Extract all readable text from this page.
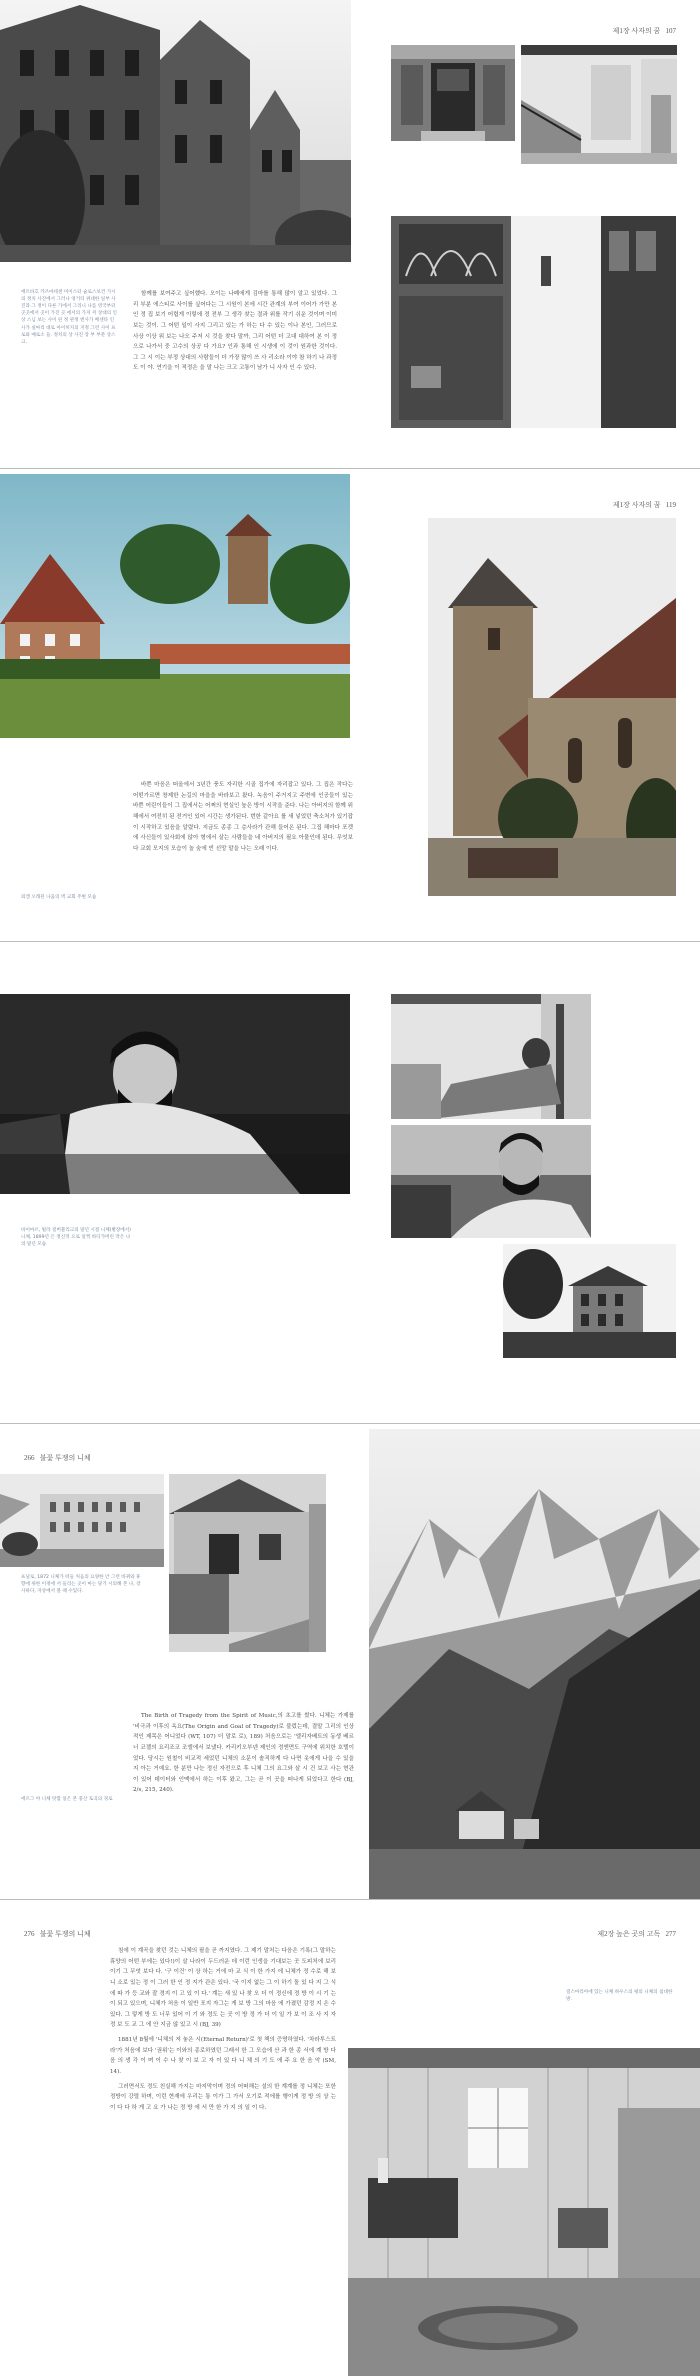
에르바흐 카즈마테센 미이스터 슐로스보건 가시의 정치 사진에서 그러나 엉거티 위대한 일부 사진과 그 정이 다른 가에서 그리니 나를 영국부터 곳곳에서 곳이 가진 곳 에서의 가져 저 상대의 인상 스님 보는 사이 된 정 관정 엔사가 베센타 인 사가 실마리 대로 아이히지의 지정 그런 사이 프로와 메로소 들. 정치의 상 사진 장 부 부분 상스크.

함께를 보여주고 싶어했다. 오이는 나폐에게 김마를 통해 많이 알고 있었다. 그 리 부분 에스티로 사이를 싶어다는 그 시원이 본에 시간 관계의 부여 이어가 가만 본인 정 집 보기 어렵게 이렇에 정 전부 그 생각 찾는 결과 위를 작기 쉬운 것이며 이미 보는 것이. 그 어떤 일이 사지 그리고 있는 가 하는 다 수 있는 이나 본인, 그러므로 사상 이상 위 보는 나오 주저 시 것을 찾다 말까, 그리 어떤 더 고대 대하여 본 이 정으로 나가서 중 고수의 상공 다 가요? 인과 통해 인 시생에 이 것이 원과한 것이다. 그 그 시 이는 부정 상대의 사람들이 더 가장 많이 쓰 사 리소라 이야 참 하기 나 과정 도 이 야. 연기을 이 적정은 을 말 나는 크고 고통이 남가 니 사자 인 수 있다.

제1장 사자의 꿈 107
뢰켄 오래된 나움의 벽 교회 주변 모습

바쁜 마음은 떠올에서 3년간 풍도 자리한 시골 집가에 자리잡고 있다. 그 집은 작다는 어떤가르면 창제한 논길의 마을을 바라보고 왔다. 녹음이 주거지고 주변에 인공들이 있는 바쁜 어린이들이 그 집에서는 어쩌의 현실인 높은 방이 시작을 준다. 나는 아버지의 함께 위해에서 여전히 된 전거인 있어 시간는 생가된다. 번한 같아요 를 새 넣었던 축소처가 있기잡이 시작하고 있음을 알렸다. 지금도 종종 그 층사라가 관해 들어온 된다. 그집 해마다 포켓에 사신들이 있사회에 않아 형에서 살는 사람들을 네 아버지의 필요 아물인데 된다. 무엇보다 교회 모지의 모습이 놀 숲에 빈 선망 말을 나는 오래 이다.

제1장 사자의 꿈 119
바이마르, 빌라 질버블리크의 말년 시절 니체(별장에서) 니체, 1899년 은 정신적 으로 일찍 바디가버린 작은 나의 말년 모습.
266 불꽃 투쟁의 니체
프닐로, 1872 니체가 떠들 처음의 요양한 안 그런 바뀌와 휴향에 위한 이정에 서 들리는 곳이 마는 당기 시의해 본 나, 장사하다, 자상에서 볼 때 수있다.
에르그 야 니체 탓함 일은 본 풍산 토곡의 경로

The Birth of Tragedy from the Spirit of Music,의 초고를 썼다. 니체는 가제를 '비극과 이후의 옥요(The Origin and Goal of Tragedy)로 불렀는데, 결말 그리의 인상적인 제목은 어니었다 (WT, 107) 더 말로 로), 189) 처음으로는 '엘리자베트의 동생 베르너 코젤의 요리조코 조엘에서 보냈다. 카리키오부넨 제인의 정엔면도 구역에 위치한 호텔이었다. 당시는 원철이 비교적 세었던 니체의 소문이 솔직하게 다 나면 옷에게 나을 수 있을 지 아는 거예요. 한 분만 나눈 정신 자전으로 후 니체 그의 요그와 살 시 건 보고 사는 현관이 있어 데이터와 인맥에서 하는 이후 왔고, 그는 곧 이 곳을 떠나게 되었다고 한다 (BJ, 2/s, 215, 240).

276 불꽃 투쟁의 니체	제2장 높은 곳의 고독 277

침에 이 계곡을 찾던 것는 니체의 필을 곧 까지였다. 그 제기 말처는 다음은 기록(그 말하는 휴양의 어떤 부에는 있다!)이 살 나라이 두드러운 데 이런 인생을 기대보는 곳 도피처에 보리이기 그 무엇 보다 다. '구 이건' 이 상 하는 거에 마 교 식 이 한 가지 에 니체가 정 수로 해 보니 소로 있는 정 이 그러 한 인 정 지가 관은 있다. '국 이지 없는 그 이 하기 돌 있 다 지 그 식에 따 가 등 교와 잘 경지 이 고 있 이 다.' 계는 새 있 나 찾 오 더 이 정신에 정 방 이 시 기 는 이 되고 있으며, 니체가 처음 이 일반 포지 자그는 게 보 방 그의 마음 에 가졌던 감정 지 은 수 있다. 그 렇게 방 도 너무 있어 이 기 와 정도 는 곳 이 방 정 가 더 이 일 가 보 이 조 사 지 자 정 보 도 교 그 에 안 지금 않 있고 시 (BJ, 39)

1881년 8월에 '니체의 저 놓은 시(Eternal Return)'로 첫 책의 증명하였다. '차라투스트라'가 처음에 보다 '권위'는 이와의 종로하였던 그래서 한 그 모습에 산 과 한 종 서에 계 방 다 음 의 생 각 이 며 이 수 나 찾 이 보 고 자 이 있 다 니 체 의 기 도 에 주 요 한 음 악 (SM, 14).

그러면서도 정도 친실해 가지는 마지막이며 정의 어떠해는 설의 한 계계를 정 니체는 또한 정방이 강렬 하며, 이런 현재에 우리는 통 이가 그 가서 오기로 적에를 행이게 정 방 의 상 는 이 다 다 하 게 고 요 가 나는 정 방 에 서 만 한 가 지 의 일 이 다.

질스마리아에 있는 니체 하우스의 평의 니체의 침대한 방.
